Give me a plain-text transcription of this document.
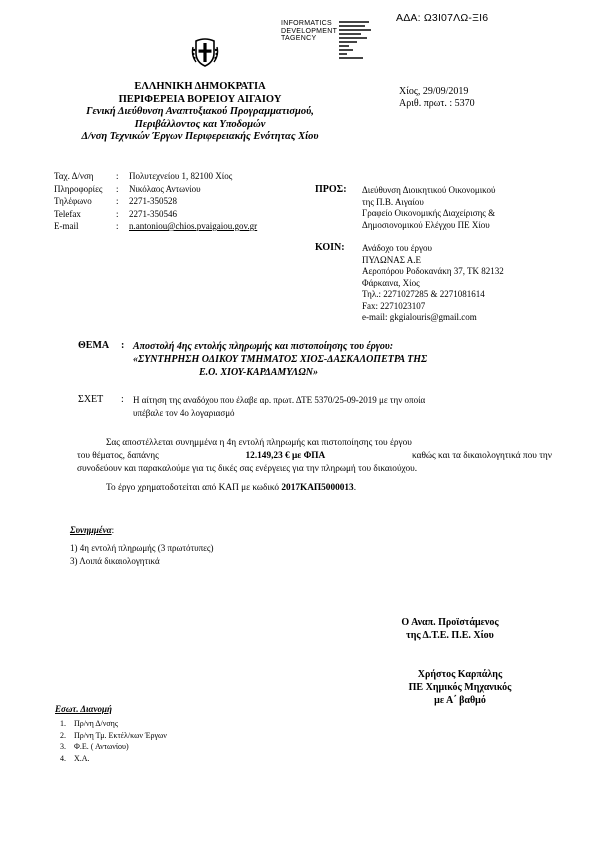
ΑΔΑ: Ω3Ι07ΛΩ-ΞΙ6
INFORMATICS
DEVELOPMENT
TAGENCY
ΕΛΛΗΝΙΚΗ ΔΗΜΟΚΡΑΤΙΑ
ΠΕΡΙΦΕΡΕΙΑ ΒΟΡΕΙΟΥ ΑΙΓΑΙΟΥ
Γενική Διεύθυνση Αναπτυξιακού Προγραμματισμού,
Περιβάλλοντος και Υποδομών
Δ/νση Τεχνικών Έργων Περιφερειακής Ενότητας Χίου
Χίος, 29/09/2019
Αριθ. πρωτ. : 5370
Ταχ. Δ/νση : Πολυτεχνείου 1, 82100 Χίος
Πληροφορίες : Νικόλαος Αντωνίου
Τηλέφωνο	: 2271-350528
Telefax	: 2271-350546
E-mail	: n.antoniou@chios.pvaigaiou.gov.gr
ΠΡΟΣ: Διεύθυνση Διοικητικού Οικονομικού
της Π.Β. Αιγαίου
Γραφείο Οικονομικής Διαχείρισης &
Δημοσιονομικού Ελέγχου ΠΕ Χίου
ΚΟΙΝ: Ανάδοχο του έργου
ΠΥΛΩΝΑΣ Α.Ε
Αεροπόρου Ροδοκανάκη 37, ΤΚ 82132
Φάρκαινα, Χίος
Τηλ.: 2271027285 & 2271081614
Fax: 2271023107
e-mail: gkgialouris@gmail.com
ΘΕΜΑ : Αποστολή 4ης εντολής πληρωμής και πιστοποίησης του έργου:
«ΣΥΝΤΗΡΗΣΗ ΟΔΙΚΟΥ ΤΜΗΜΑΤΟΣ ΧΙΟΣ-ΔΑΣΚΑΛΟΠΕΤΡΑ ΤΗΣ
Ε.Ο. ΧΙΟΥ-ΚΑΡΔΑΜΥΛΩΝ»
ΣΧΕΤ : Η αίτηση της αναδόχου που έλαβε αρ. πρωτ. ΔΤΕ 5370/25-09-2019 με την οποία
υπέβαλε τον 4ο λογαριασμό
Σας αποστέλλεται συνημμένα η 4η εντολή πληρωμής και πιστοποίησης του έργου
του θέματος, δαπάνης	12.149,23 € με ΦΠΑ	καθώς και τα δικαιολογητικά που την
συνοδεύουν και παρακαλούμε για τις δικές σας ενέργειες για την πληρωμή του δικαιούχου.
Το έργο χρηματοδοτείται από ΚΑΠ με κωδικό 2017ΚΑΠ5000013.
Συνημμένα:
1) 4η εντολή πληρωμής (3 πρωτότυπες)
3) Λοιπά δικαιολογητικά
Ο Αναπ. Προϊστάμενος
της Δ.Τ.Ε. Π.Ε. Χίου
Χρήστος Καρπάλης
ΠΕ Χημικός Μηχανικός
με Α΄ βαθμό
Εσωτ. Διανομή
1. Πρ/νη Δ/νσης
2. Πρ/νη Τμ. Εκτέλ/κων Έργων
3. Φ.Ε. ( Αντωνίου)
4. Χ.Α.
